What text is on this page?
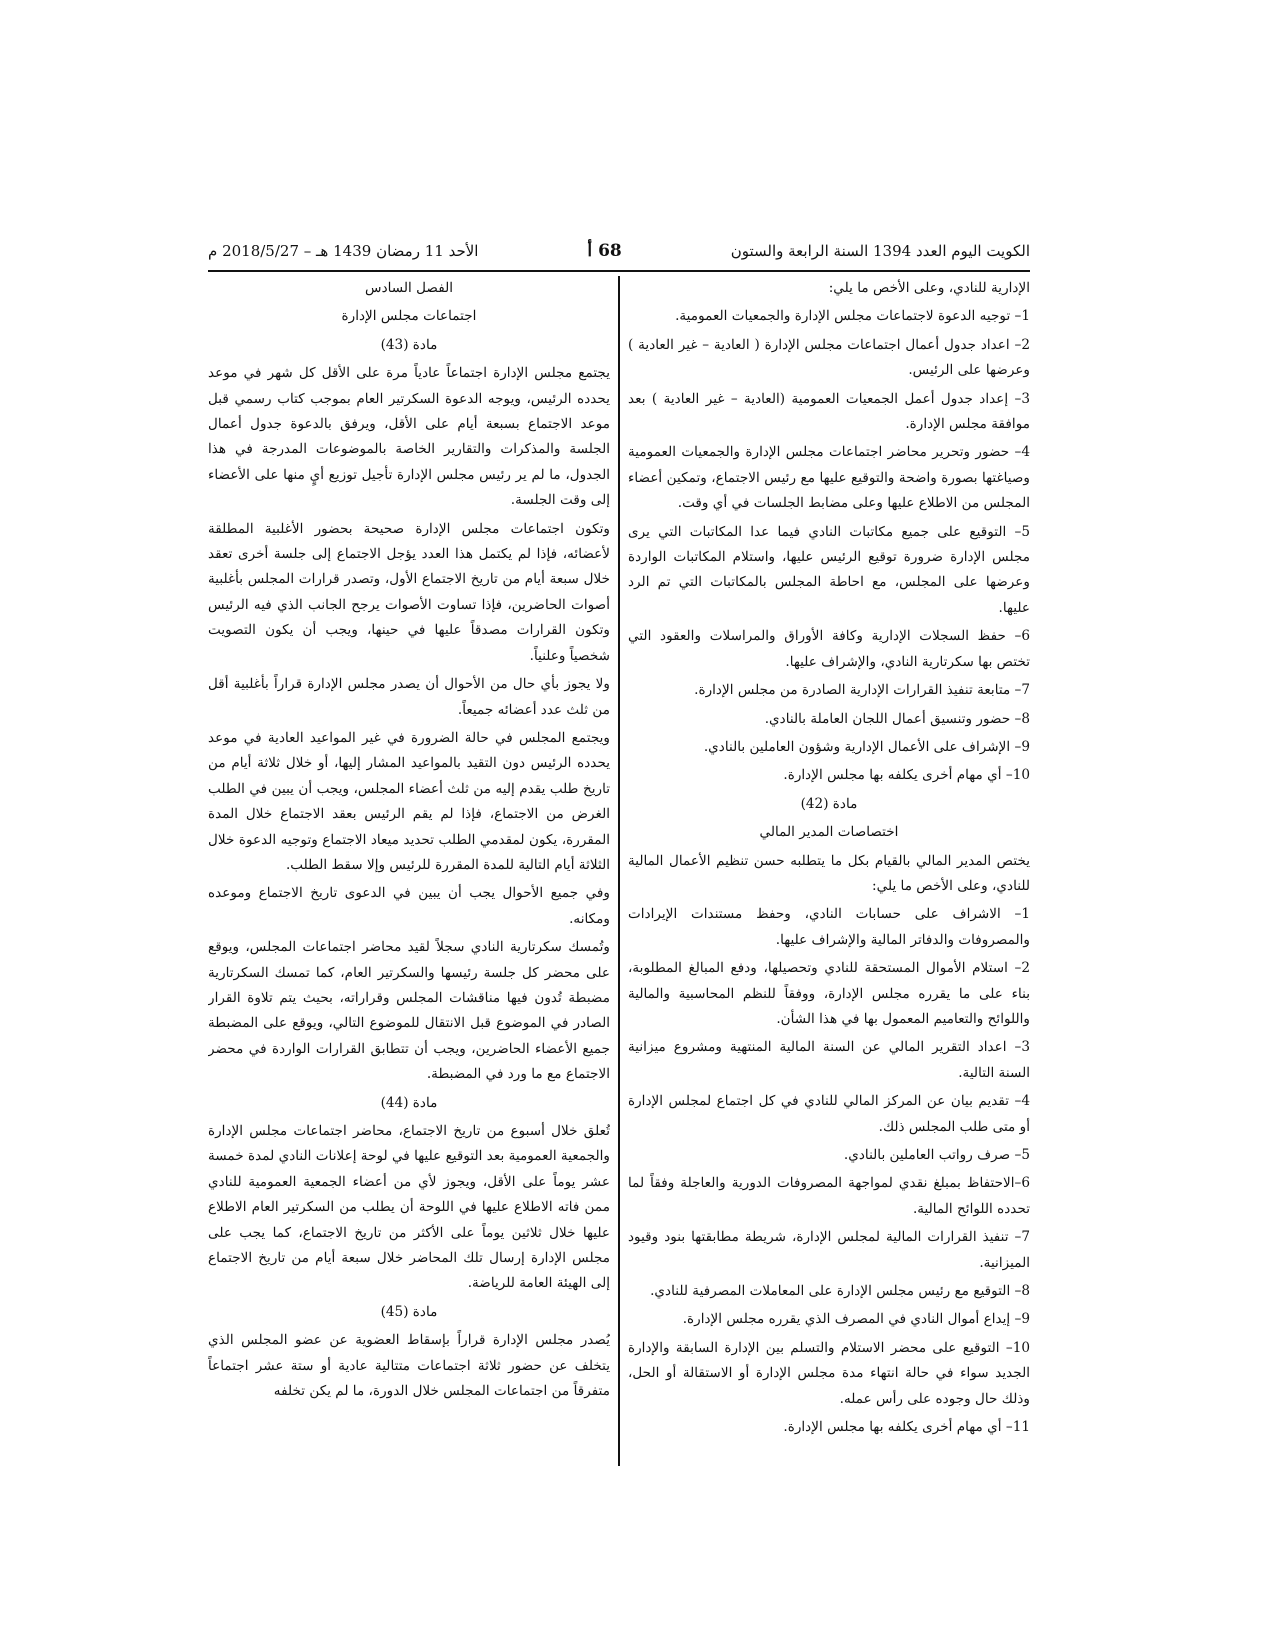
الكويت اليوم العدد 1394 السنة الرابعة والستون
68 أ
الأحد 11 رمضان 1439 هـ – 2018/5/27 م

الإدارية للنادي، وعلى الأخص ما يلي:

1– توجيه الدعوة لاجتماعات مجلس الإدارة والجمعيات العمومية.

2– اعداد جدول أعمال اجتماعات مجلس الإدارة ( العادية – غير العادية ) وعرضها على الرئيس.

3– إعداد جدول أعمل الجمعيات العمومية (العادية – غير العادية ) بعد موافقة مجلس الإدارة.

4– حضور وتحرير محاضر اجتماعات مجلس الإدارة والجمعيات العمومية وصياغتها بصورة واضحة والتوقيع عليها مع رئيس الاجتماع، وتمكين أعضاء المجلس من الاطلاع عليها وعلى مضابط الجلسات في أي وقت.

5– التوقيع على جميع مكاتبات النادي فيما عدا المكاتبات التي يرى مجلس الإدارة ضرورة توقيع الرئيس عليها، واستلام المكاتبات الواردة وعرضها على المجلس، مع احاطة المجلس بالمكاتبات التي تم الرد عليها.

6– حفظ السجلات الإدارية وكافة الأوراق والمراسلات والعقود التي تختص بها سكرتارية النادي، والإشراف عليها.

7– متابعة تنفيذ القرارات الإدارية الصادرة من مجلس الإدارة.

8– حضور وتنسيق أعمال اللجان العاملة بالنادي.

9– الإشراف على الأعمال الإدارية وشؤون العاملين بالنادي.

10– أي مهام أخرى يكلفه بها مجلس الإدارة.

مادة (42)

اختصاصات المدير المالي

يختص المدير المالي بالقيام بكل ما يتطلبه حسن تنظيم الأعمال المالية للنادي، وعلى الأخص ما يلي:

1– الاشراف على حسابات النادي، وحفظ مستندات الإيرادات والمصروفات والدفاتر المالية والإشراف عليها.

2– استلام الأموال المستحقة للنادي وتحصيلها، ودفع المبالغ المطلوبة، بناء على ما يقرره مجلس الإدارة، ووفقاً للنظم المحاسبية والمالية واللوائح والتعاميم المعمول بها في هذا الشأن.

3– اعداد التقرير المالي عن السنة المالية المنتهية ومشروع ميزانية السنة التالية.

4– تقديم بيان عن المركز المالي للنادي في كل اجتماع لمجلس الإدارة أو متى طلب المجلس ذلك.

5– صرف رواتب العاملين بالنادي.

6–الاحتفاظ بمبلغ نقدي لمواجهة المصروفات الدورية والعاجلة وفقاً لما تحدده اللوائح المالية.

7– تنفيذ القرارات المالية لمجلس الإدارة، شريطة مطابقتها بنود وقيود الميزانية.

8– التوقيع مع رئيس مجلس الإدارة على المعاملات المصرفية للنادي.

9– إيداع أموال النادي في المصرف الذي يقرره مجلس الإدارة.

10– التوقيع على محضر الاستلام والتسلم بين الإدارة السابقة والإدارة الجديد سواء في حالة انتهاء مدة مجلس الإدارة أو الاستقالة أو الحل، وذلك حال وجوده على رأس عمله.

11– أي مهام أخرى يكلفه بها مجلس الإدارة.

الفصل السادس

اجتماعات مجلس الإدارة

مادة (43)

يجتمع مجلس الإدارة اجتماعاً عادياً مرة على الأقل كل شهر في موعد يحدده الرئيس، ويوجه الدعوة السكرتير العام بموجب كتاب رسمي قبل موعد الاجتماع بسبعة أيام على الأقل، ويرفق بالدعوة جدول أعمال الجلسة والمذكرات والتقارير الخاصة بالموضوعات المدرجة في هذا الجدول، ما لم ير رئيس مجلس الإدارة تأجيل توزيع أيٍ منها على الأعضاء إلى وقت الجلسة.

وتكون اجتماعات مجلس الإدارة صحيحة بحضور الأغلبية المطلقة لأعضائه، فإذا لم يكتمل هذا العدد يؤجل الاجتماع إلى جلسة أخرى تعقد خلال سبعة أيام من تاريخ الاجتماع الأول، وتصدر قرارات المجلس بأغلبية أصوات الحاضرين، فإذا تساوت الأصوات يرجح الجانب الذي فيه الرئيس وتكون القرارات مصدقاً عليها في حينها، ويجب أن يكون التصويت شخصياً وعلنياً.

ولا يجوز بأي حال من الأحوال أن يصدر مجلس الإدارة قراراً بأغلبية أقل من ثلث عدد أعضائه جميعاً.

ويجتمع المجلس في حالة الضرورة في غير المواعيد العادية في موعد يحدده الرئيس دون التقيد بالمواعيد المشار إليها، أو خلال ثلاثة أيام من تاريخ طلب يقدم إليه من ثلث أعضاء المجلس، ويجب أن يبين في الطلب الغرض من الاجتماع، فإذا لم يقم الرئيس بعقد الاجتماع خلال المدة المقررة، يكون لمقدمي الطلب تحديد ميعاد الاجتماع وتوجيه الدعوة خلال الثلاثة أيام التالية للمدة المقررة للرئيس وإلا سقط الطلب.

وفي جميع الأحوال يجب أن يبين في الدعوى تاريخ الاجتماع وموعده ومكانه.

وتُمسك سكرتارية النادي سجلاً لقيد محاضر اجتماعات المجلس، ويوقع على محضر كل جلسة رئيسها والسكرتير العام، كما تمسك السكرتارية مضبطة تُدون فيها مناقشات المجلس وقراراته، بحيث يتم تلاوة القرار الصادر في الموضوع قبل الانتقال للموضوع التالي، ويوقع على المضبطة جميع الأعضاء الحاضرين، ويجب أن تتطابق القرارات الواردة في محضر الاجتماع مع ما ورد في المضبطة.

مادة (44)

تُعلق خلال أسبوع من تاريخ الاجتماع، محاضر اجتماعات مجلس الإدارة والجمعية العمومية بعد التوقيع عليها في لوحة إعلانات النادي لمدة خمسة عشر يوماً على الأقل، ويجوز لأي من أعضاء الجمعية العمومية للنادي ممن فاته الاطلاع عليها في اللوحة أن يطلب من السكرتير العام الاطلاع عليها خلال ثلاثين يوماً على الأكثر من تاريخ الاجتماع، كما يجب على مجلس الإدارة إرسال تلك المحاضر خلال سبعة أيام من تاريخ الاجتماع إلى الهيئة العامة للرياضة.

مادة (45)

يُصدر مجلس الإدارة قراراً بإسقاط العضوية عن عضو المجلس الذي يتخلف عن حضور ثلاثة اجتماعات متتالية عادية أو ستة عشر اجتماعاً متفرقاً من اجتماعات المجلس خلال الدورة، ما لم يكن تخلفه
